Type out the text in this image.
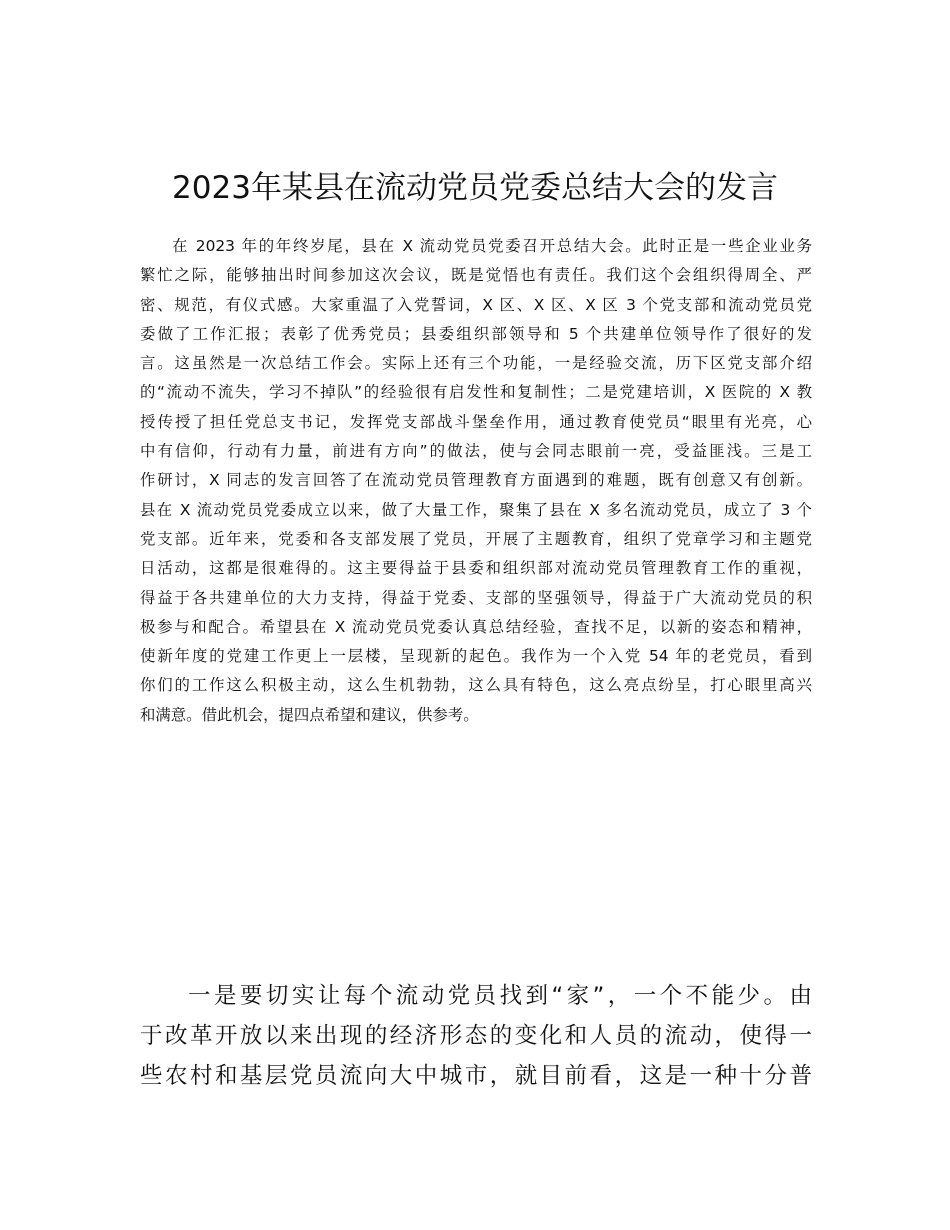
2023年某县在流动党员党委总结大会的发言
在 2023 年的年终岁尾，县在 X 流动党员党委召开总结大会。此时正是一些企业业务
繁忙之际，能够抽出时间参加这次会议，既是觉悟也有责任。我们这个会组织得周全、严
密、规范，有仪式感。大家重温了入党誓词，X 区、X 区、X 区 3 个党支部和流动党员党
委做了工作汇报；表彰了优秀党员；县委组织部领导和 5 个共建单位领导作了很好的发
言。这虽然是一次总结工作会。实际上还有三个功能，一是经验交流，历下区党支部介绍
的“流动不流失，学习不掉队”的经验很有启发性和复制性；二是党建培训，X 医院的 X 教
授传授了担任党总支书记，发挥党支部战斗堡垒作用，通过教育使党员“眼里有光亮，心
中有信仰，行动有力量，前进有方向”的做法，使与会同志眼前一亮，受益匪浅。三是工
作研讨，X 同志的发言回答了在流动党员管理教育方面遇到的难题，既有创意又有创新。
县在 X 流动党员党委成立以来，做了大量工作，聚集了县在 X 多名流动党员，成立了 3 个
党支部。近年来，党委和各支部发展了党员，开展了主题教育，组织了党章学习和主题党
日活动，这都是很难得的。这主要得益于县委和组织部对流动党员管理教育工作的重视，
得益于各共建单位的大力支持，得益于党委、支部的坚强领导，得益于广大流动党员的积
极参与和配合。希望县在 X 流动党员党委认真总结经验，查找不足，以新的姿态和精神，
使新年度的党建工作更上一层楼，呈现新的起色。我作为一个入党 54 年的老党员，看到
你们的工作这么积极主动，这么生机勃勃，这么具有特色，这么亮点纷呈，打心眼里高兴
和满意。借此机会，提四点希望和建议，供参考。
一是要切实让每个流动党员找到“家”，一个不能少。由
于改革开放以来出现的经济形态的变化和人员的流动，使得一
些农村和基层党员流向大中城市，就目前看，这是一种十分普
